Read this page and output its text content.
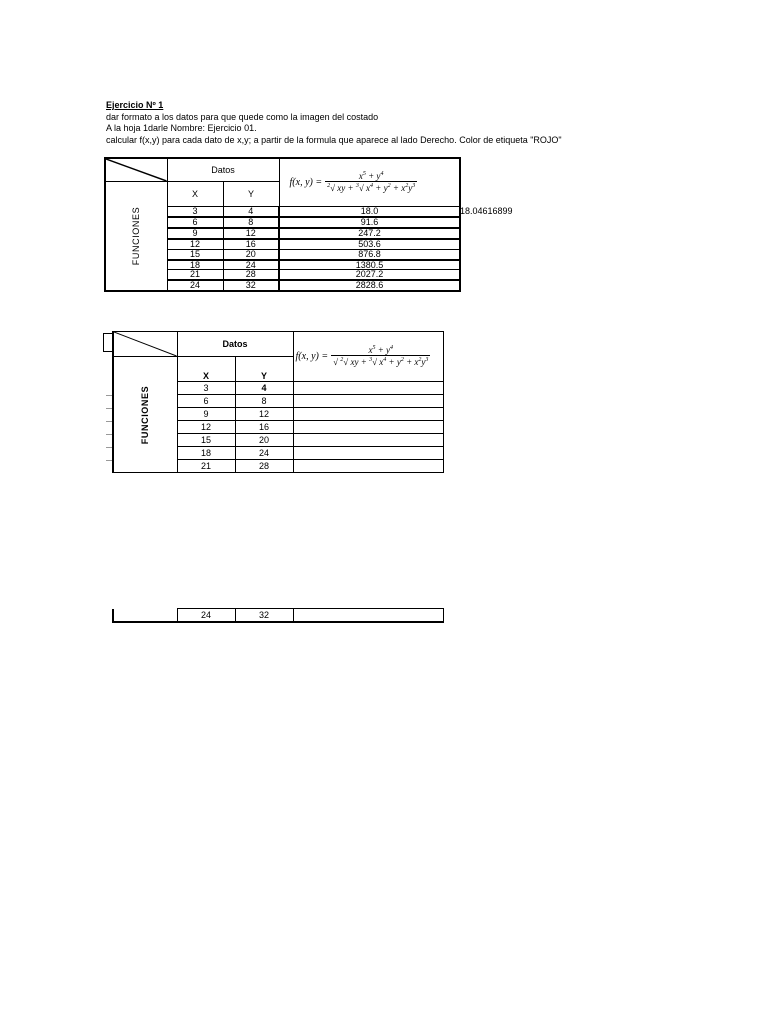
Ejercicio Nº 1
dar formato a los datos para que quede como la imagen del costado
A la hoja 1darle Nombre: Ejercicio 01.
calcular f(x,y) para cada dato de x,y; a partir de la formula que aparece al lado Derecho. Color de etiqueta "ROJO"
	Datos		f(x, $y) = \frac{x^5 + y^4}{^2√ xy + ^3√ x^4 + y^2 + x^2y^3}$

FUNCIONES	X	Y	
	3	4	18.0
	6	8	91.6
	9	12	247.2
	12	16	503.6
	15	20	876.8
	18	24	1380.5
	21	28	2027.2
	24	32	2828.6
18.04616899
	Datos		f(x, $y) = \frac{x^5 + y^4}{√ ^2√ xy + ^3√ x^4 + y^2 + x^2y^3}$

FUNCIONES	X	Y	
	3	4	
	6	8	
	9	12	
	12	16	
	15	20	
	18	24	
	21	28	
	24	32	
